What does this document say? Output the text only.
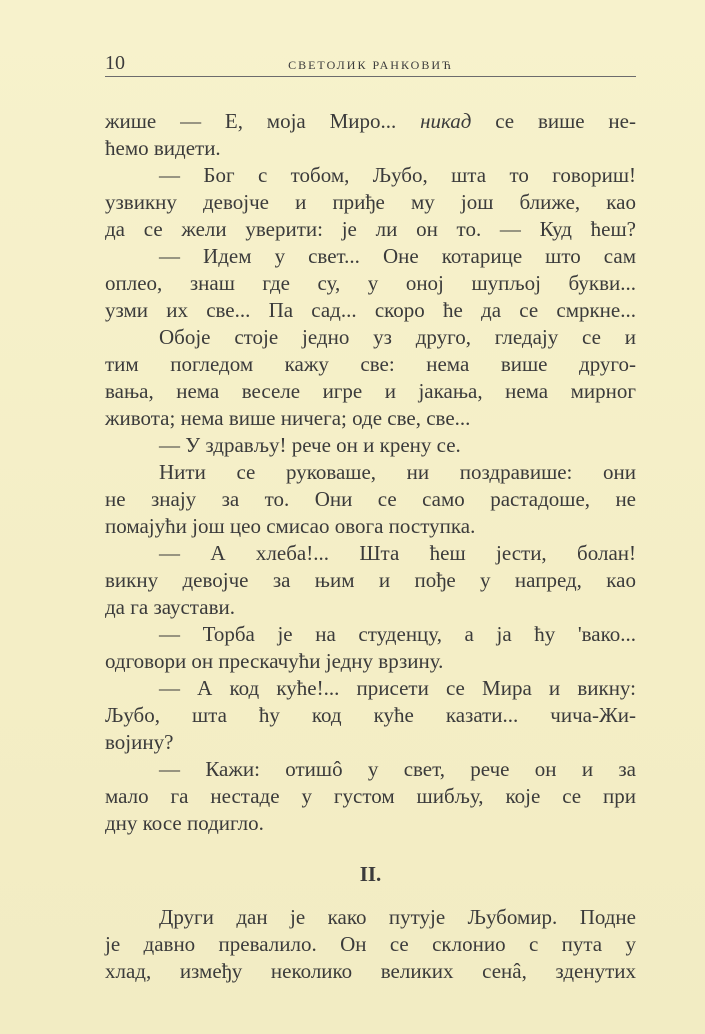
10	СВЕТОЛИК РАНКОВИЋ
жише — Е, моја Миро... никад се више не-
ћемо видети.
— Бог с тобом, Љубо, шта то говориш!
узвикну девојче и приђе му још ближе, као
да се жели уверити: је ли он то. — Куд ћеш?
— Идем у свет... Оне котарице што сам
оплео, знаш где су, у оној шупљој букви...
узми их све... Па сад... скоро ће да се смркне...
Обоје стоје једно уз друго, гледају се и
тим погледом кажу све: нема више друго-
вања, нема веселе игре и јакања, нема мирног
живота; нема више ничега; оде све, све...
— У здрављу! рече он и крену се.
Нити се руковаше, ни поздравише: они
не знају за то. Они се само растадоше, не
помајући још цео смисао овога поступка.
— А хлеба!... Шта ћеш јести, болан!
викну девојче за њим и пође у напред, као
да га заустави.
— Торба је на студенцу, а ја ћу 'вако...
одговори он прескачући једну врзину.
— А код куће!... присети се Мира и викну:
Љубо, шта ћу код куће казати... чича-Жи-
војину?
— Кажи: отишô у свет, рече он и за
мало га нестаде у густом шибљу, које се при
дну косе подигло.
II.
Други дан је како путује Љубомир. Подне
је давно превалило. Он се склонио с пута у
хлад, између неколико великих сенâ, зденутих
